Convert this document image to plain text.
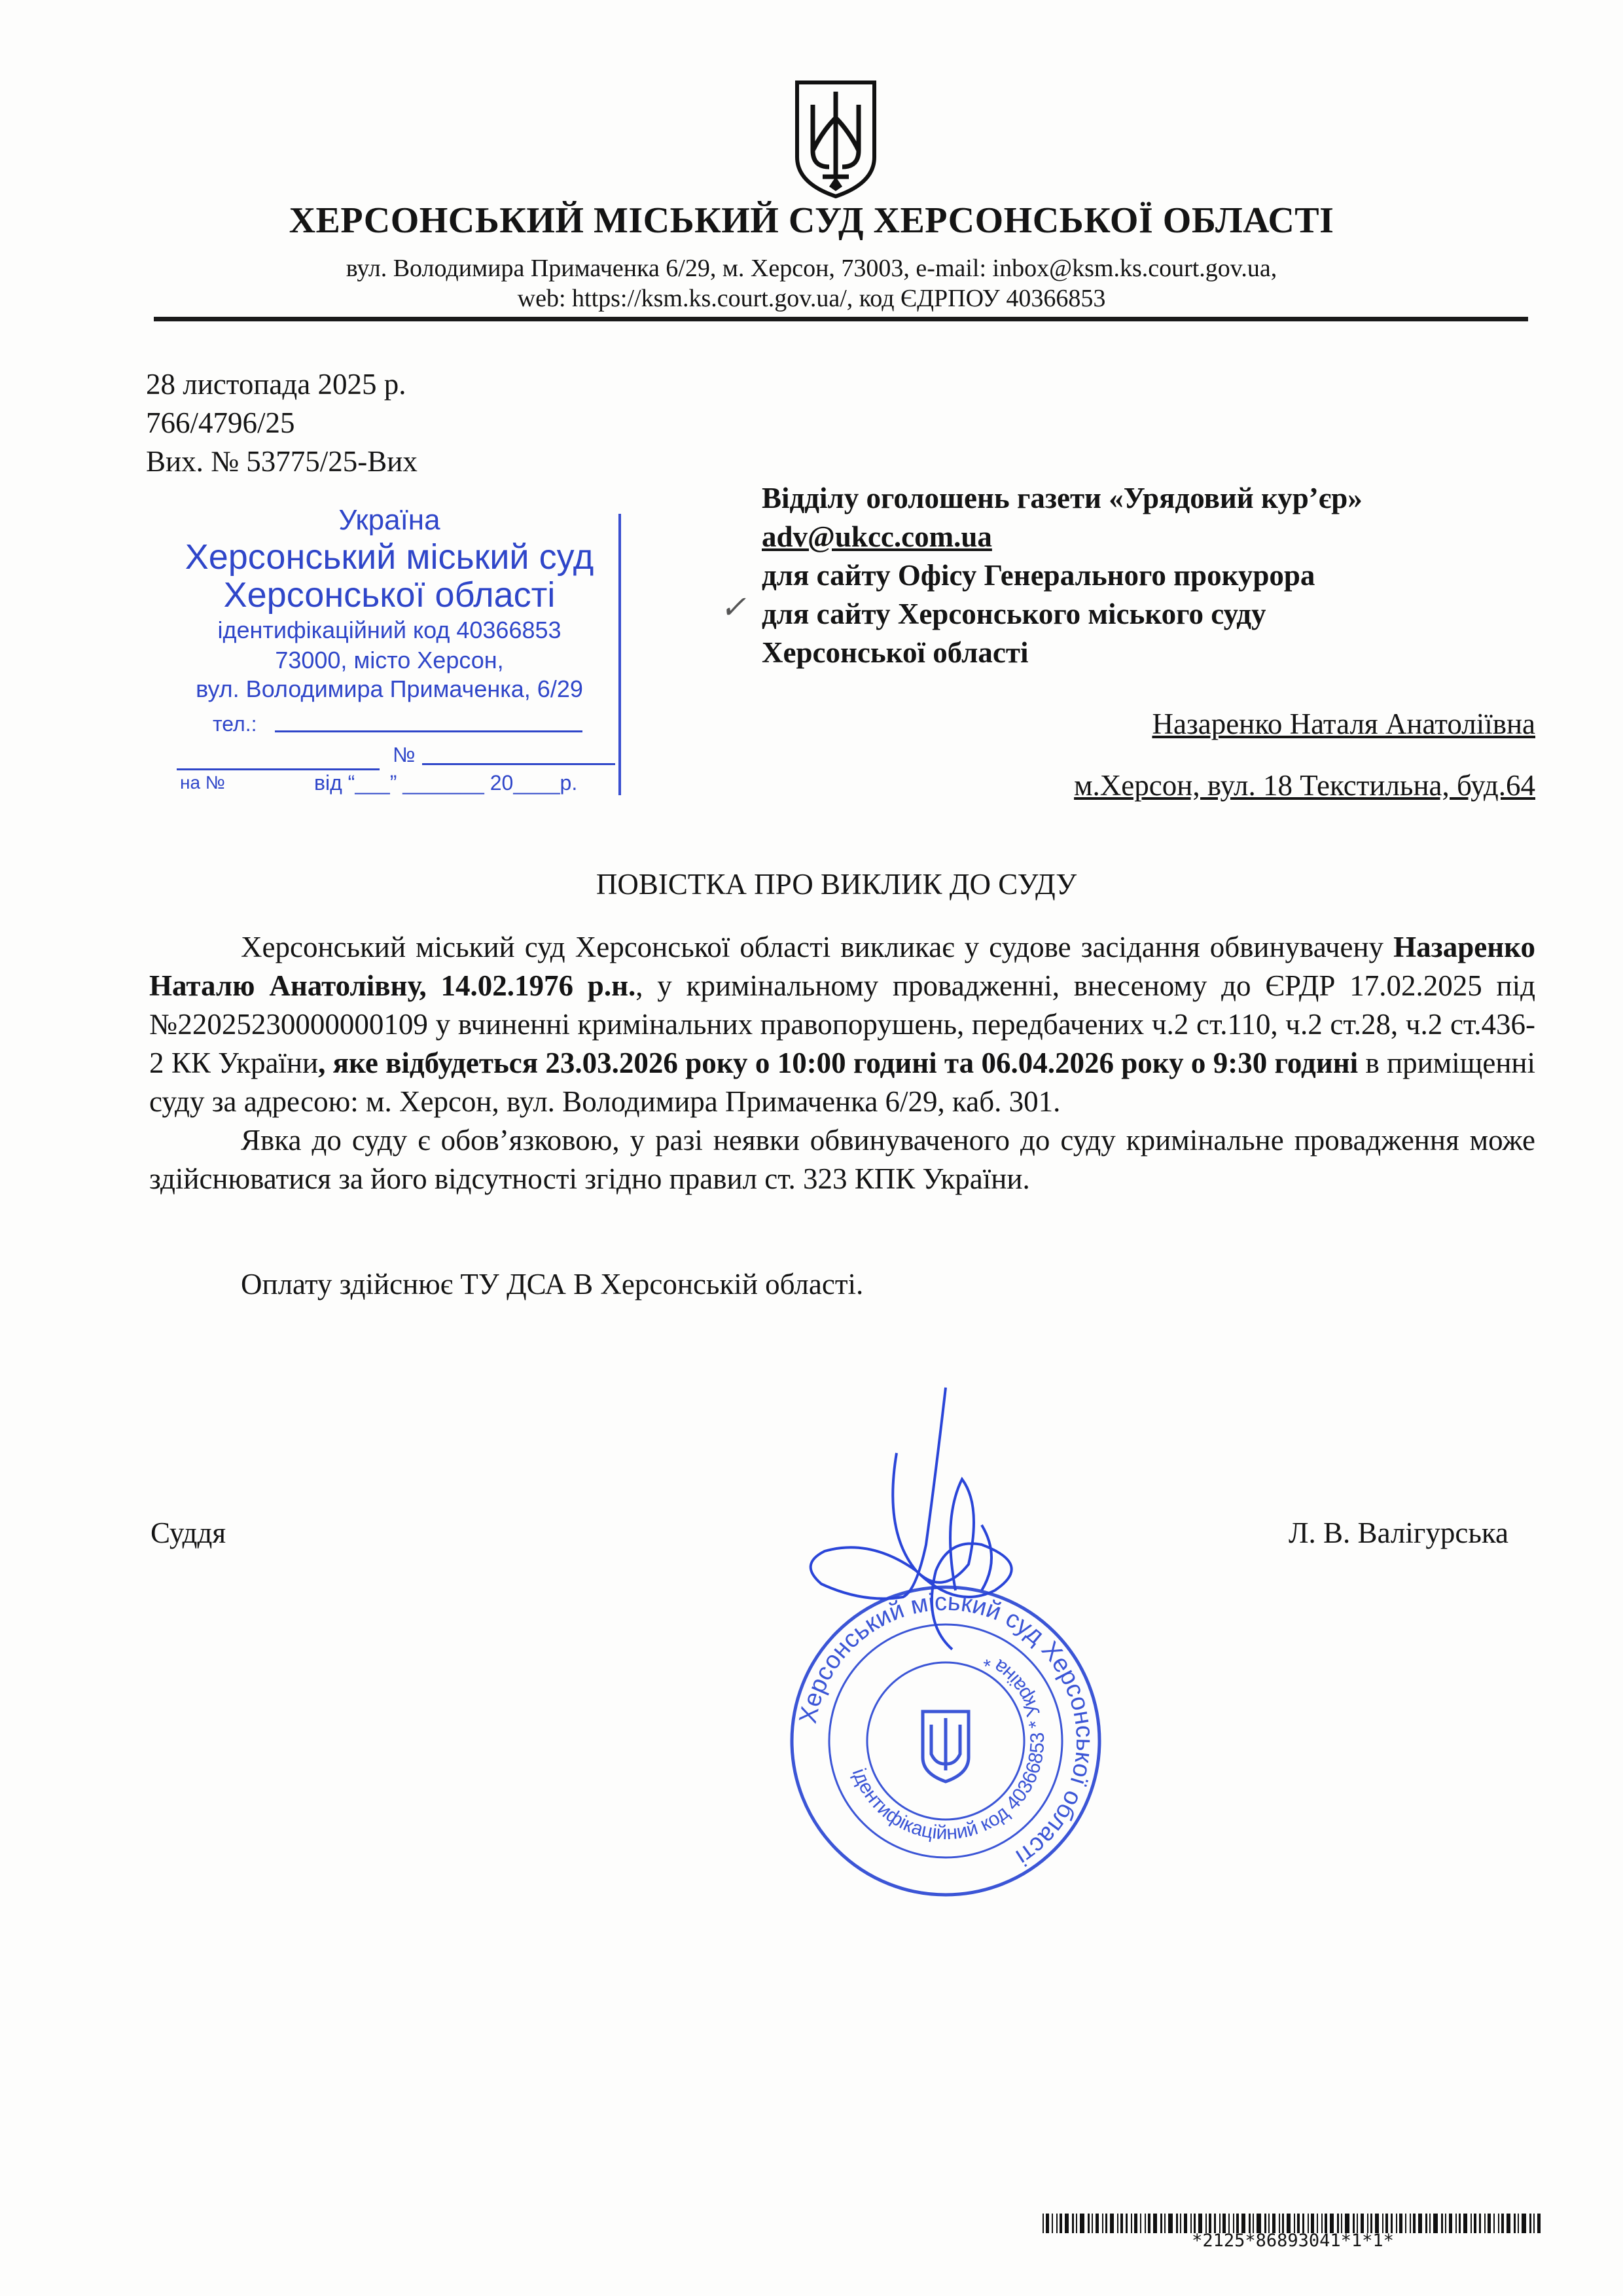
ХЕРСОНСЬКИЙ МІСЬКИЙ СУД ХЕРСОНСЬКОЇ ОБЛАСТІ
вул. Володимира Примаченка 6/29, м. Херсон, 73003, e-mail: inbox@ksm.ks.court.gov.ua,
web: https://ksm.ks.court.gov.ua/, код ЄДРПОУ 40366853
28 листопада 2025 р.
766/4796/25
Вих. № 53775/25-Вих
Україна
Херсонський міський суд
Херсонської області
ідентифікаційний код 40366853
73000, місто Херсон,
вул. Володимира Примаченка, 6/29
тел.:
№
на №	від “___” _______ 20____р.
✓
Відділу оголошень газети «Урядовий кур’єр»
adv@ukcc.com.ua
для сайту Офісу Генерального прокурора
для сайту Херсонського міського суду
Херсонської області
Назаренко Наталя Анатоліївна
м.Херсон, вул. 18 Текстильна, буд.64
ПОВІСТКА ПРО ВИКЛИК ДО СУДУ

Херсонський міський суд Херсонської області викликає у судове засідання обвинувачену Назаренко Наталю Анатолівну, 14.02.1976 р.н., у кримінальному провадженні, внесеному до ЄРДР 17.02.2025 під №22025230000000109 у вчиненні кримінальних правопорушень, передбачених ч.2 ст.110, ч.2 ст.28, ч.2 ст.436-2 КК України, яке відбудеться 23.03.2026 року о 10:00 годині та 06.04.2026 року о 9:30 годині в приміщенні суду за адресою: м. Херсон, вул. Володимира Примаченка 6/29, каб. 301.

Явка до суду є обов’язковою, у разі неявки обвинуваченого до суду кримінальне провадження може здійснюватися за його відсутності згідно правил ст. 323 КПК України.

Оплату здійснює ТУ ДСА В Херсонській області.
Суддя	Л. В. Валігурська
Херсонський міський суд Херсонської області
ідентифікаційний код 40366853 * Україна *
*2125*86893041*1*1*
